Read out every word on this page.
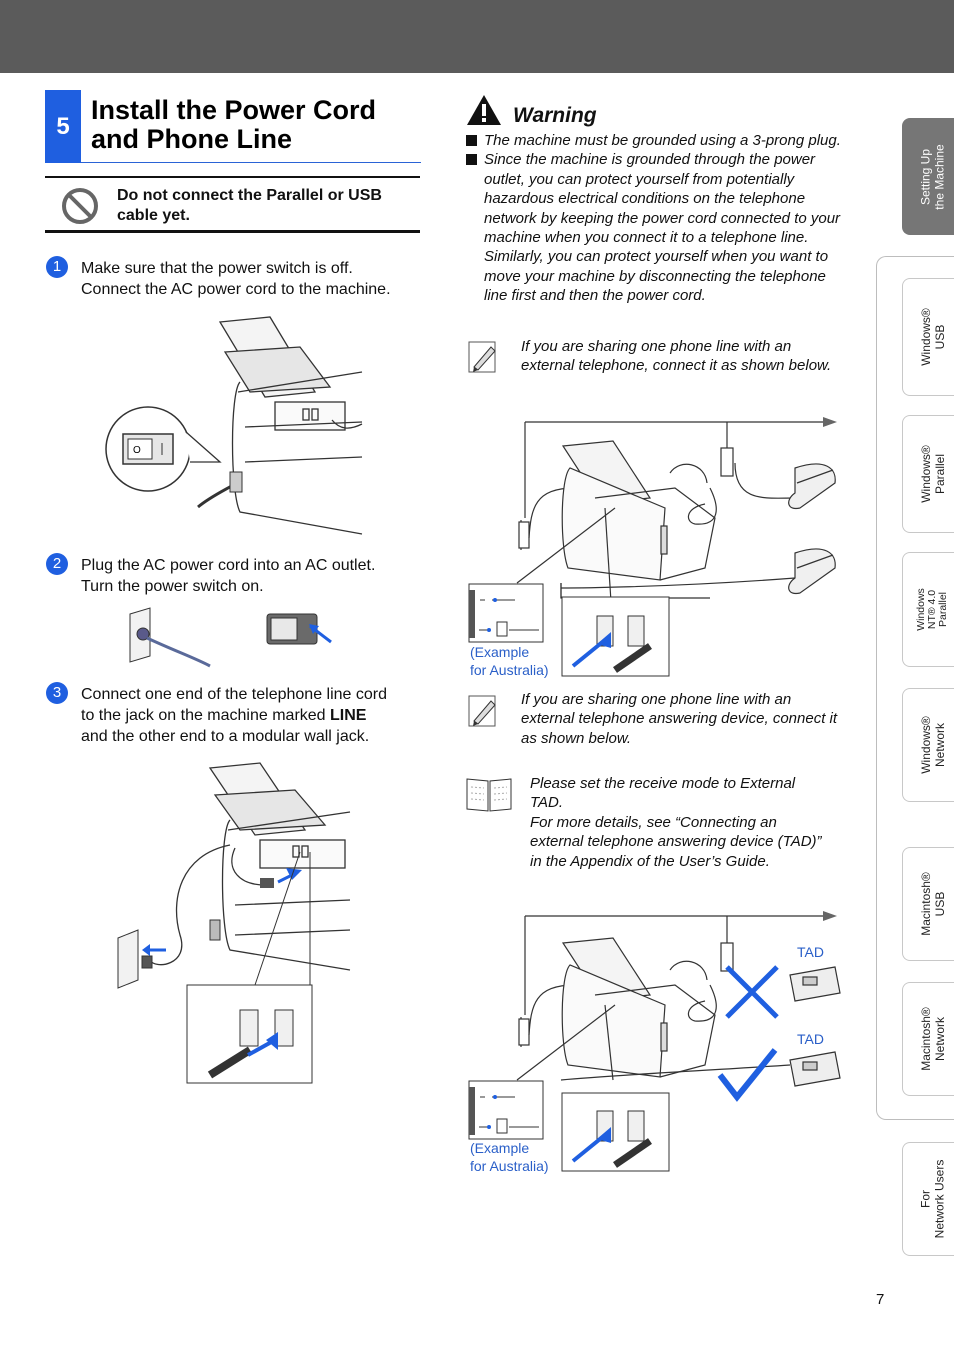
5
Install the Power Cord
and Phone Line
Do not connect the Parallel or USB
cable yet.
1	Make sure that the power switch is off.
Connect the AC power cord to the machine.
O
2	Plug the AC power cord into an AC outlet.
Turn the power switch on.
3	Connect one end of the telephone line cord
to the jack on the machine marked LINE
and the other end to a modular wall jack.
Warning
The machine must be grounded using a 3-prong plug.
Since the machine is grounded through the power outlet, you can protect yourself from potentially hazardous electrical conditions on the telephone network by keeping the power cord connected to your machine when you connect it to a telephone line. Similarly, you can protect yourself when you want to move your machine by disconnecting the telephone line first and then the power cord.
If you are sharing one phone line with an external telephone, connect it as shown below.
(Example
for Australia)
If you are sharing one phone line with an external telephone answering device, connect it as shown below.
Please set the receive mode to External TAD.
For more details, see “Connecting an external telephone answering device (TAD)” in the Appendix of the User’s Guide.
TAD
TAD
(Example
for Australia)
Setting Up
the Machine
Windows®
USB
Windows®
Parallel
Windows
NT® 4.0
Parallel
Windows®
Network
Macintosh®
USB
Macintosh®
Network
For
Network Users
7
